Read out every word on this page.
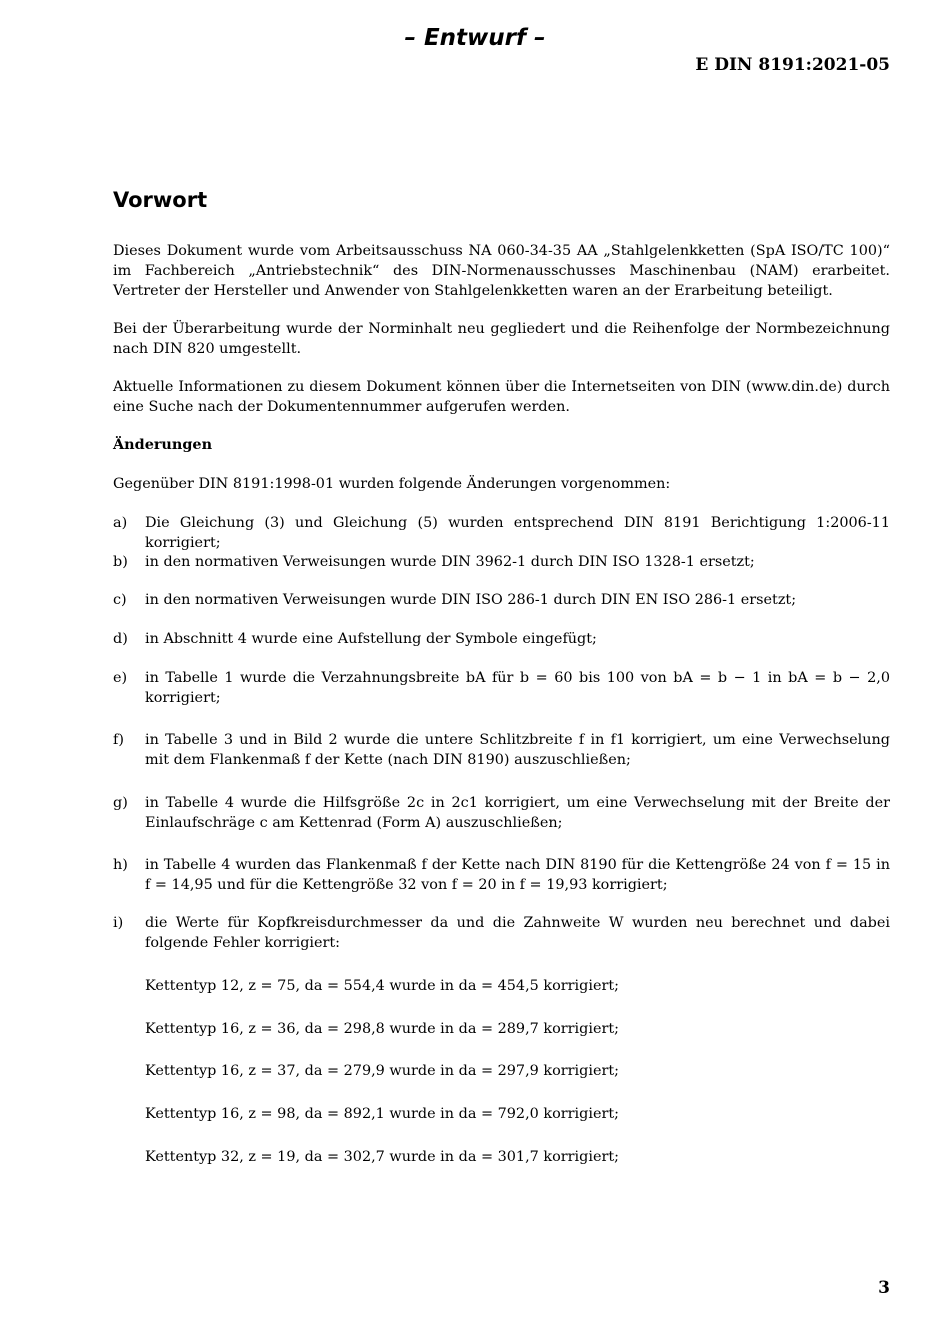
– Entwurf –
E DIN 8191:2021-05
Vorwort
Dieses Dokument wurde vom Arbeitsausschuss NA 060-34-35 AA „Stahlgelenkketten (SpA ISO/TC 100)“ im Fachbereich „Antriebstechnik“ des DIN-Normenausschusses Maschinenbau (NAM) erarbeitet. Vertreter der Hersteller und Anwender von Stahlgelenkketten waren an der Erarbeitung beteiligt.
Bei der Überarbeitung wurde der Norminhalt neu gegliedert und die Reihenfolge der Normbezeichnung nach DIN 820 umgestellt.
Aktuelle Informationen zu diesem Dokument können über die Internetseiten von DIN (www.din.de) durch eine Suche nach der Dokumentennummer aufgerufen werden.
Änderungen
Gegenüber DIN 8191:1998-01 wurden folgende Änderungen vorgenommen:
a) Die Gleichung (3) und Gleichung (5) wurden entsprechend DIN 8191 Berichtigung 1:2006-11 korrigiert;
b) in den normativen Verweisungen wurde DIN 3962-1 durch DIN ISO 1328-1 ersetzt;
c) in den normativen Verweisungen wurde DIN ISO 286-1 durch DIN EN ISO 286-1 ersetzt;
d) in Abschnitt 4 wurde eine Aufstellung der Symbole eingefügt;
e) in Tabelle 1 wurde die Verzahnungsbreite bA für b = 60 bis 100 von bA = b − 1 in bA = b − 2,0 korrigiert;
f) in Tabelle 3 und in Bild 2 wurde die untere Schlitzbreite f in f1 korrigiert, um eine Verwechselung mit dem Flankenmaß f der Kette (nach DIN 8190) auszuschließen;
g) in Tabelle 4 wurde die Hilfsgröße 2c in 2c1 korrigiert, um eine Verwechselung mit der Breite der Einlaufschräge c am Kettenrad (Form A) auszuschließen;
h) in Tabelle 4 wurden das Flankenmaß f der Kette nach DIN 8190 für die Kettengröße 24 von f = 15 in f = 14,95 und für die Kettengröße 32 von f = 20 in f = 19,93 korrigiert;
i) die Werte für Kopfkreisdurchmesser da und die Zahnweite W wurden neu berechnet und dabei folgende Fehler korrigiert:
Kettentyp 12, z = 75, da = 554,4 wurde in da = 454,5 korrigiert;
Kettentyp 16, z = 36, da = 298,8 wurde in da = 289,7 korrigiert;
Kettentyp 16, z = 37, da = 279,9 wurde in da = 297,9 korrigiert;
Kettentyp 16, z = 98, da = 892,1 wurde in da = 792,0 korrigiert;
Kettentyp 32, z = 19, da = 302,7 wurde in da = 301,7 korrigiert;
3
